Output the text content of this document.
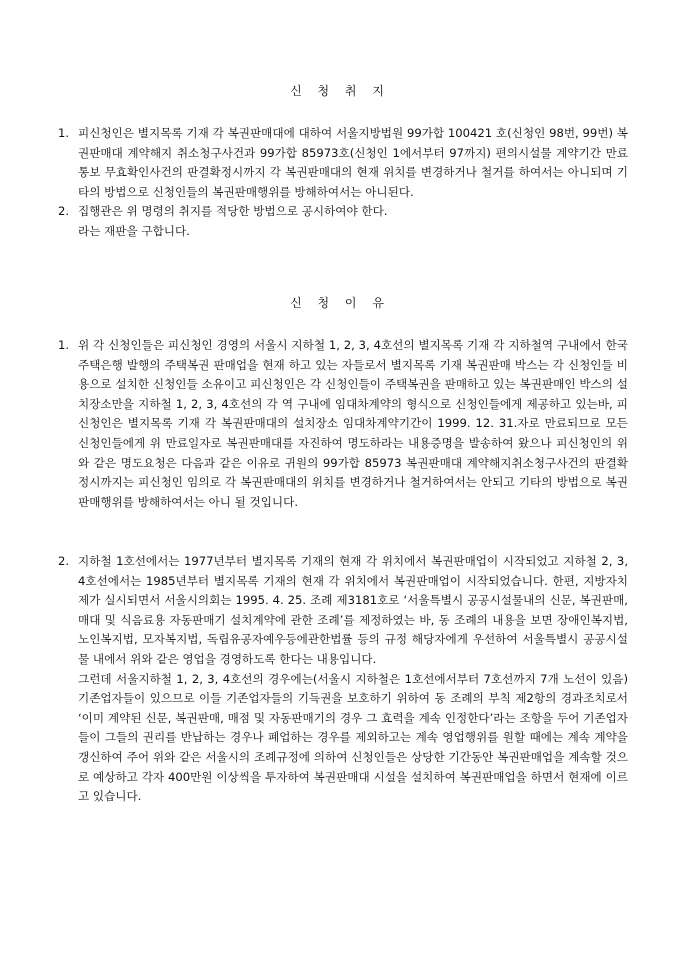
신 청 취 지
1. 피신청인은 별지목록 기재 각 복권판매대에 대하여 서울지방법원 99가합 100421 호(신청인 98번, 99번) 복권판매대 계약해지 취소청구사건과 99가합 85973호(신청인 1에서부터 97까지) 편의시설물 계약기간 만료 통보 무효확인사건의 판결확정시까지 각 복권판매대의 현재 위치를 변경하거나 철거를 하여서는 아니되며 기타의 방법으로 신청인들의 복권판매행위를 방해하여서는 아니된다.
2. 집행관은 위 명령의 취지를 적당한 방법으로 공시하여야 한다.
라는 재판을 구합니다.
신 청 이 유
1. 위 각 신청인들은 피신청인 경영의 서울시 지하철 1, 2, 3, 4호선의 별지목록 기재 각 지하철역 구내에서 한국주택은행 발행의 주택복권 판매업을 현재 하고 있는 자들로서 별지목록 기재 복권판매 박스는 각 신청인들 비용으로 설치한 신청인들 소유이고 피신청인은 각 신청인들이 주택복권을 판매하고 있는 복권판매인 박스의 설치장소만을 지하철 1, 2, 3, 4호선의 각 역 구내에 임대차계약의 형식으로 신청인들에게 제공하고 있는바, 피신청인은 별지목록 기재 각 복권판매대의 설치장소 임대차계약기간이 1999. 12. 31.자로 만료되므로 모든 신청인들에게 위 만료일자로 복권판매대를 자진하여 명도하라는 내용증명을 발송하여 왔으나 피신청인의 위와 같은 명도요청은 다음과 같은 이유로 귀원의 99가합 85973 복권판매대 계약해지취소청구사건의 판결확정시까지는 피신청인 임의로 각 복권판매대의 위치를 변경하거나 철거하여서는 안되고 기타의 방법으로 복권판매행위를 방해하여서는 아니 될 것입니다.
2. 지하철 1호선에서는 1977년부터 별지목록 기재의 현재 각 위치에서 복권판매업이 시작되었고 지하철 2, 3, 4호선에서는 1985년부터 별지목록 기재의 현재 각 위치에서 복권판매업이 시작되었습니다. 한편, 지방자치제가 실시되면서 서울시의회는 1995. 4. 25. 조례 제3181호로 ‘서울특별시 공공시설물내의 신문, 복권판매, 매대 및 식음료용 자동판매기 설치계약에 관한 조례’를 제정하였는 바, 동 조례의 내용을 보면 장애인복지법, 노인복지법, 모자복지법, 독립유공자예우등에관한법률 등의 규정 해당자에게 우선하여 서울특별시 공공시설물 내에서 위와 같은 영업을 경영하도록 한다는 내용입니다.
그런데 서울지하철 1, 2, 3, 4호선의 경우에는(서울시 지하철은 1호선에서부터 7호선까지 7개 노선이 있음) 기존업자들이 있으므로 이들 기존업자들의 기득권을 보호하기 위하여 동 조례의 부칙 제2항의 경과조치로서 ‘이미 계약된 신문, 복권판매, 매점 및 자동판매기의 경우 그 효력을 계속 인정한다’라는 조항을 두어 기존업자들이 그들의 권리를 반납하는 경우나 폐업하는 경우를 제외하고는 계속 영업행위를 원할 때에는 계속 계약을 갱신하여 주어 위와 같은 서울시의 조례규정에 의하여 신청인들은 상당한 기간동안 복권판매업을 계속할 것으로 예상하고 각자 400만원 이상씩을 투자하여 복권판매대 시설을 설치하여 복권판매업을 하면서 현재에 이르고 있습니다.
